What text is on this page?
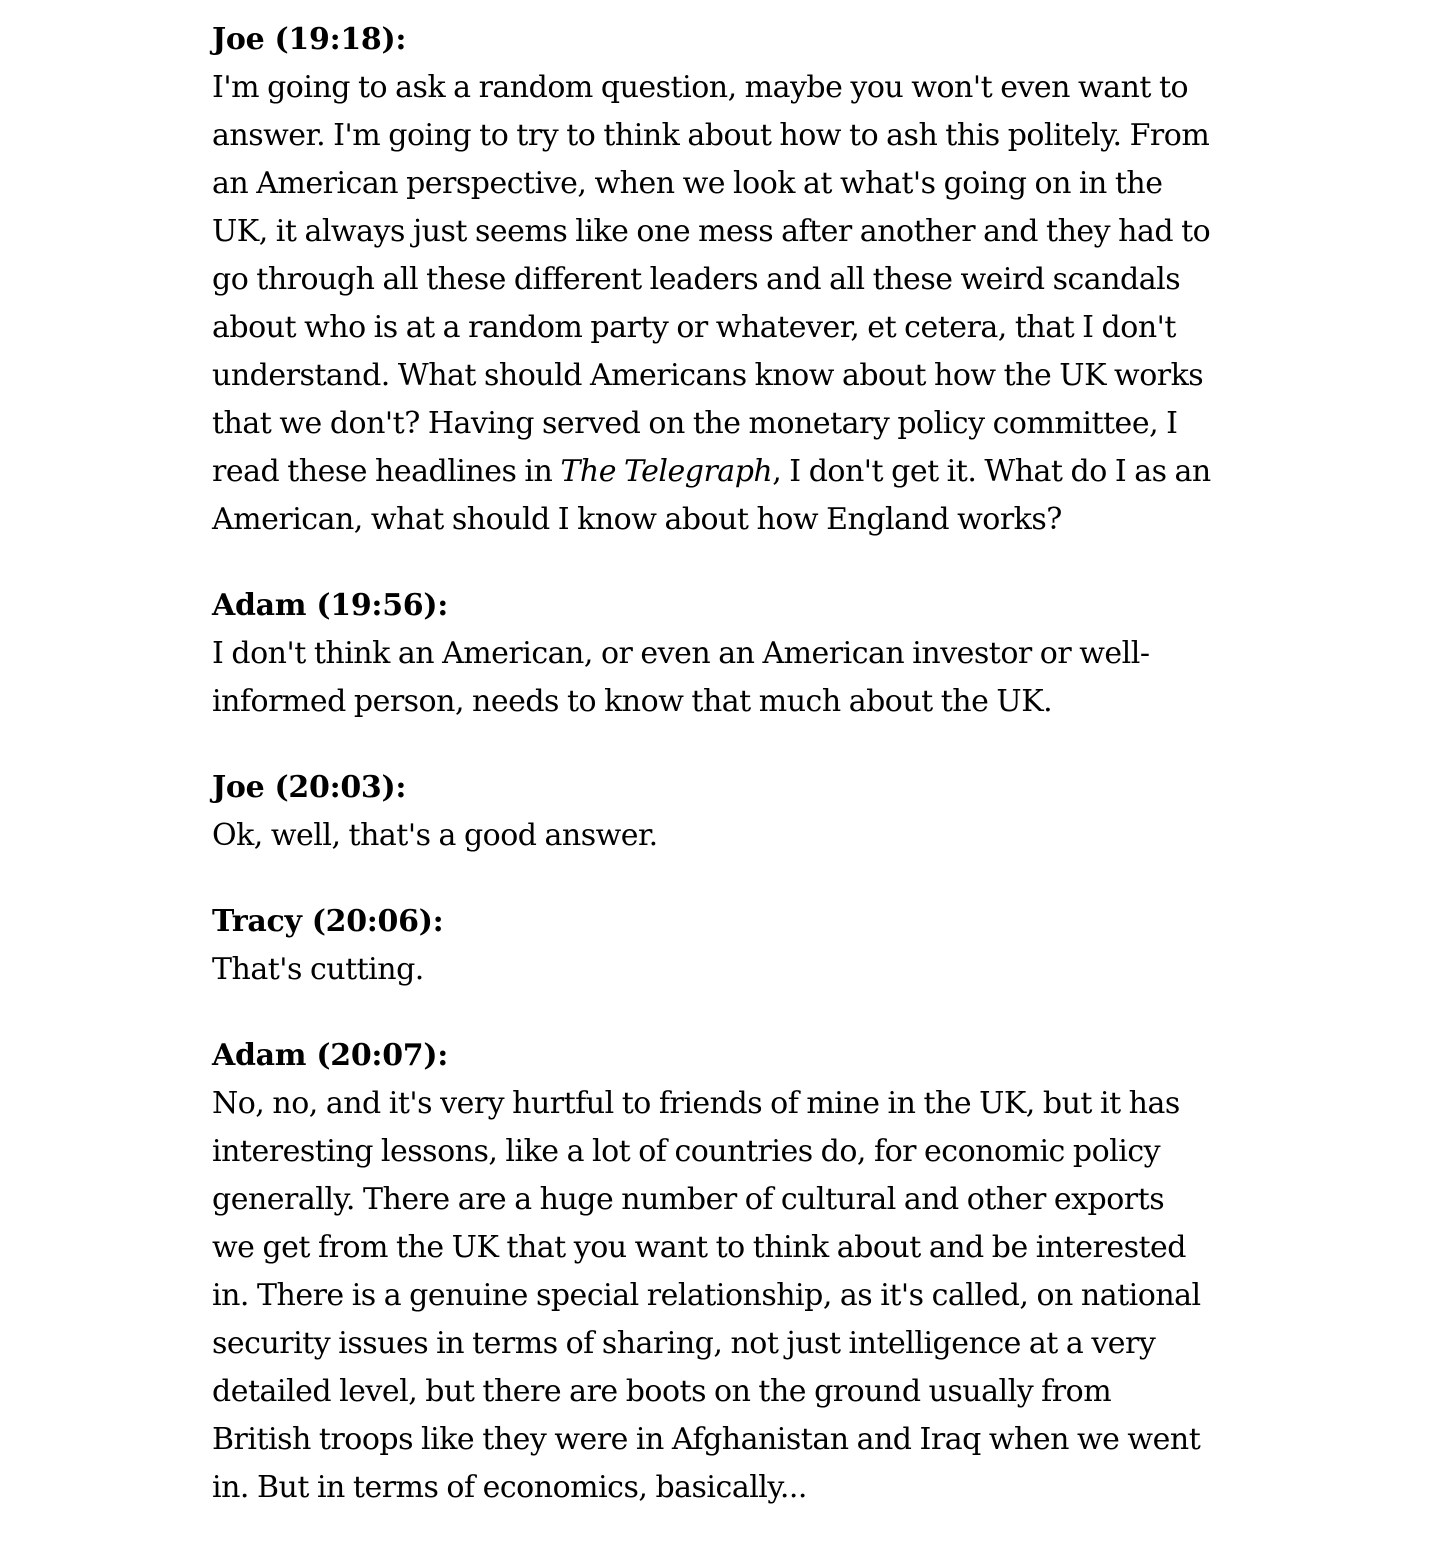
Joe (19:18):
I'm going to ask a random question, maybe you won't even want to answer. I'm going to try to think about how to ash this politely. From an American perspective, when we look at what's going on in the UK, it always just seems like one mess after another and they had to go through all these different leaders and all these weird scandals about who is at a random party or whatever, et cetera, that I don't understand. What should Americans know about how the UK works that we don't? Having served on the monetary policy committee, I read these headlines in The Telegraph, I don't get it. What do I as an American, what should I know about how England works?
Adam (19:56):
I don't think an American, or even an American investor or well-informed person, needs to know that much about the UK.
Joe (20:03):
Ok, well, that's a good answer.
Tracy (20:06):
That's cutting.
Adam (20:07):
No, no, and it's very hurtful to friends of mine in the UK, but it has interesting lessons, like a lot of countries do, for economic policy generally. There are a huge number of cultural and other exports we get from the UK that you want to think about and be interested in. There is a genuine special relationship, as it's called, on national security issues in terms of sharing, not just intelligence at a very detailed level, but there are boots on the ground usually from British troops like they were in Afghanistan and Iraq when we went in. But in terms of economics, basically...
